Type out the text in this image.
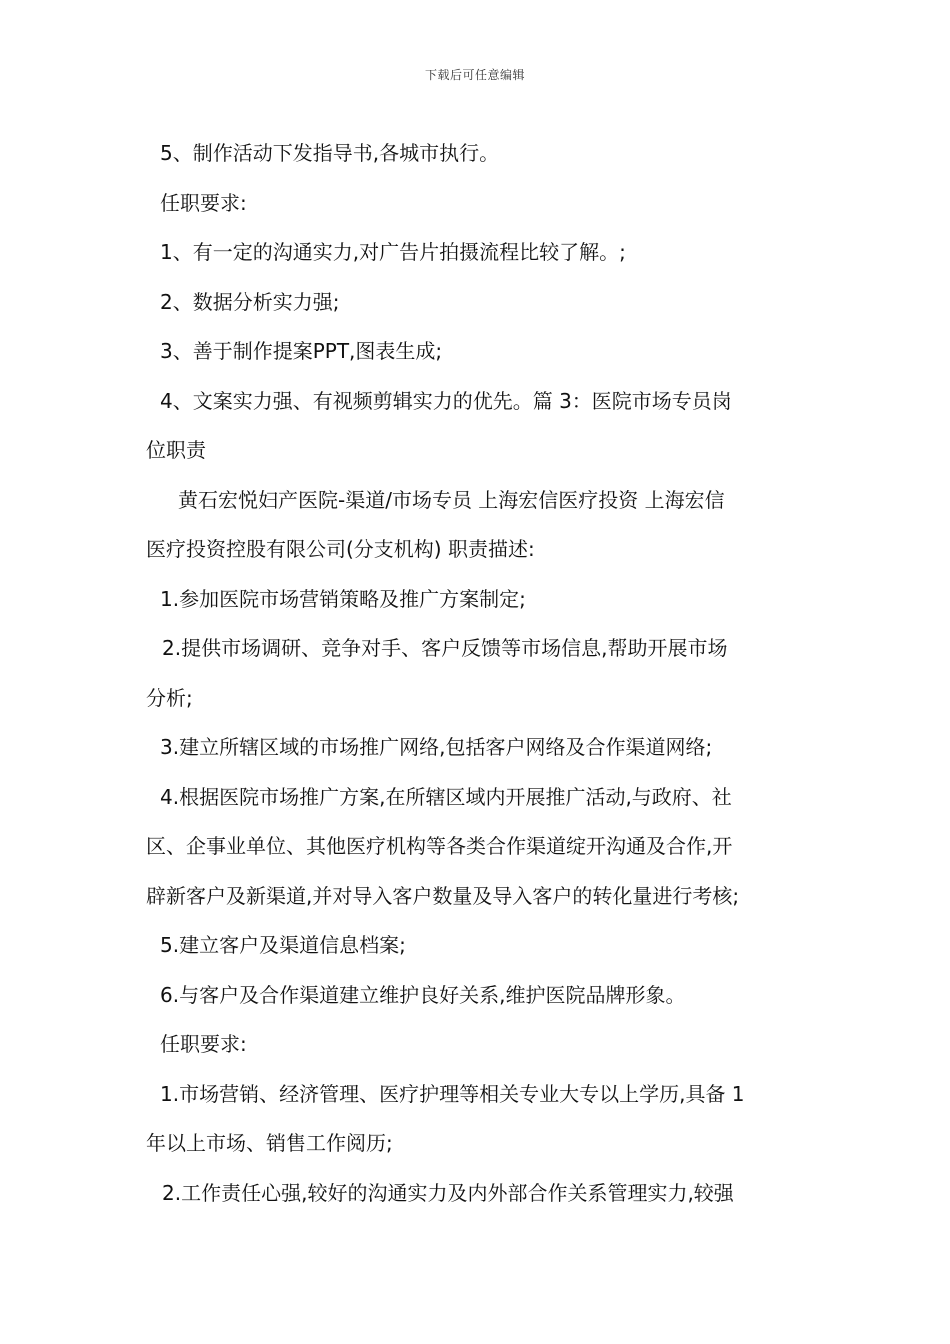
下载后可任意编辑

5、制作活动下发指导书,各城市执行。

任职要求:

1、有一定的沟通实力,对广告片拍摄流程比较了解。;

2、数据分析实力强;

3、善于制作提案PPT,图表生成;

4、文案实力强、有视频剪辑实力的优先。篇 3：医院市场专员岗

位职责

黄石宏悦妇产医院-渠道/市场专员 上海宏信医疗投资 上海宏信

医疗投资控股有限公司(分支机构) 职责描述:

1.参加医院市场营销策略及推广方案制定;

2.提供市场调研、竞争对手、客户反馈等市场信息,帮助开展市场

分析;

3.建立所辖区域的市场推广网络,包括客户网络及合作渠道网络;

4.根据医院市场推广方案,在所辖区域内开展推广活动,与政府、社

区、企事业单位、其他医疗机构等各类合作渠道绽开沟通及合作,开

辟新客户及新渠道,并对导入客户数量及导入客户的转化量进行考核;

5.建立客户及渠道信息档案;

6.与客户及合作渠道建立维护良好关系,维护医院品牌形象。

任职要求:

1.市场营销、经济管理、医疗护理等相关专业大专以上学历,具备 1

年以上市场、销售工作阅历;

2.工作责任心强,较好的沟通实力及内外部合作关系管理实力,较强
